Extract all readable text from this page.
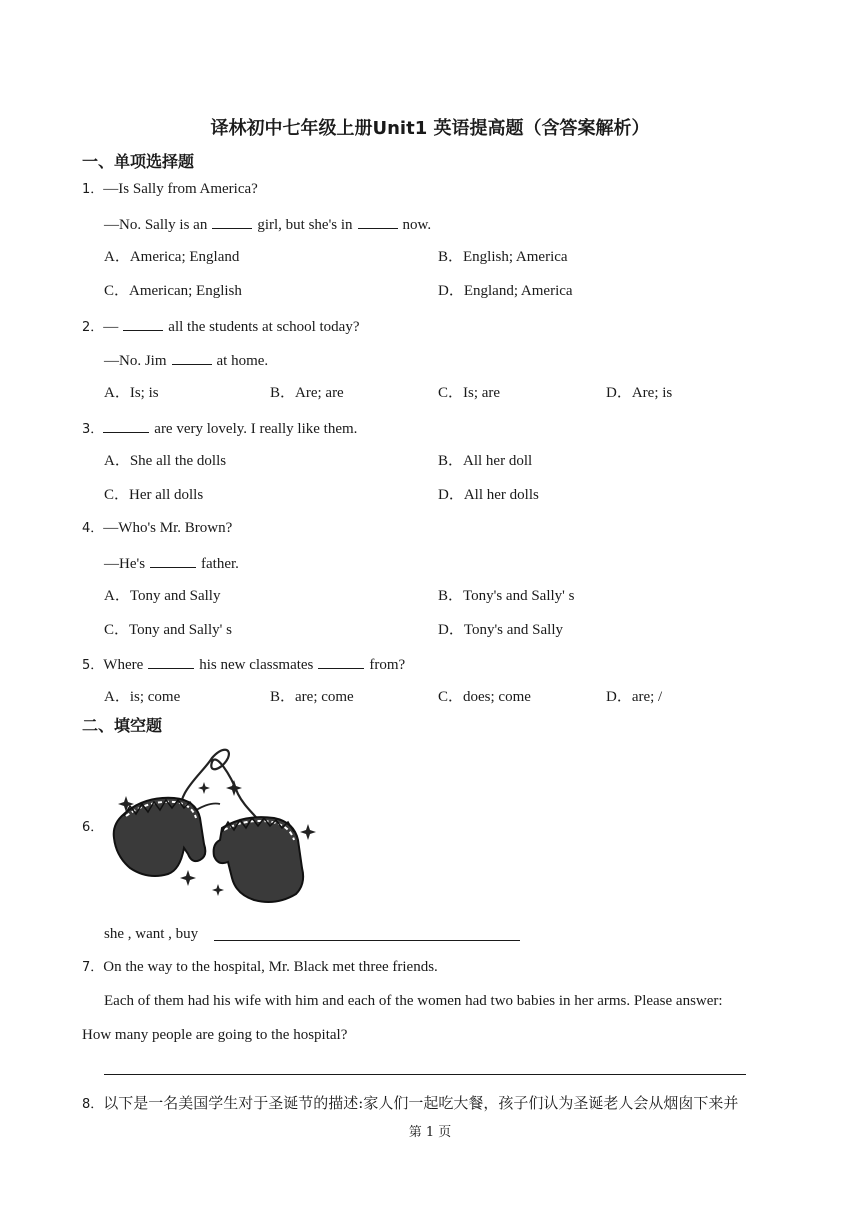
译林初中七年级上册Unit1 英语提高题（含答案解析）
一、单项选择题
1．—Is Sally from America?
—No. Sally is an	girl, but she's in	now.
A．America; England	B．English; America
C．American; English	D．England; America
2．—	all the students at school today?
—No. Jim	at home.
A．Is; is	B．Are; are	C．Is; are	D．Are; is
3．	are very lovely. I really like them.
A．She all the dolls	B．All her doll
C．Her all dolls	D．All her dolls
4．—Who's Mr. Brown?
—He's	father.
A．Tony and Sally	B．Tony's and Sally' s
C．Tony and Sally' s	D．Tony's and Sally
5．Where	his new classmates	from?
A．is; come	B．are; come	C．does; come	D．are; /
二、填空题
6．
she , want , buy
7．On the way to the hospital, Mr. Black met three friends.
Each of them had his wife with him and each of the women had two babies in her arms. Please answer:
How many people are going to the hospital?
8．以下是一名美国学生对于圣诞节的描述:家人们一起吃大餐，孩子们认为圣诞老人会从烟囱下来并
第 1 页
